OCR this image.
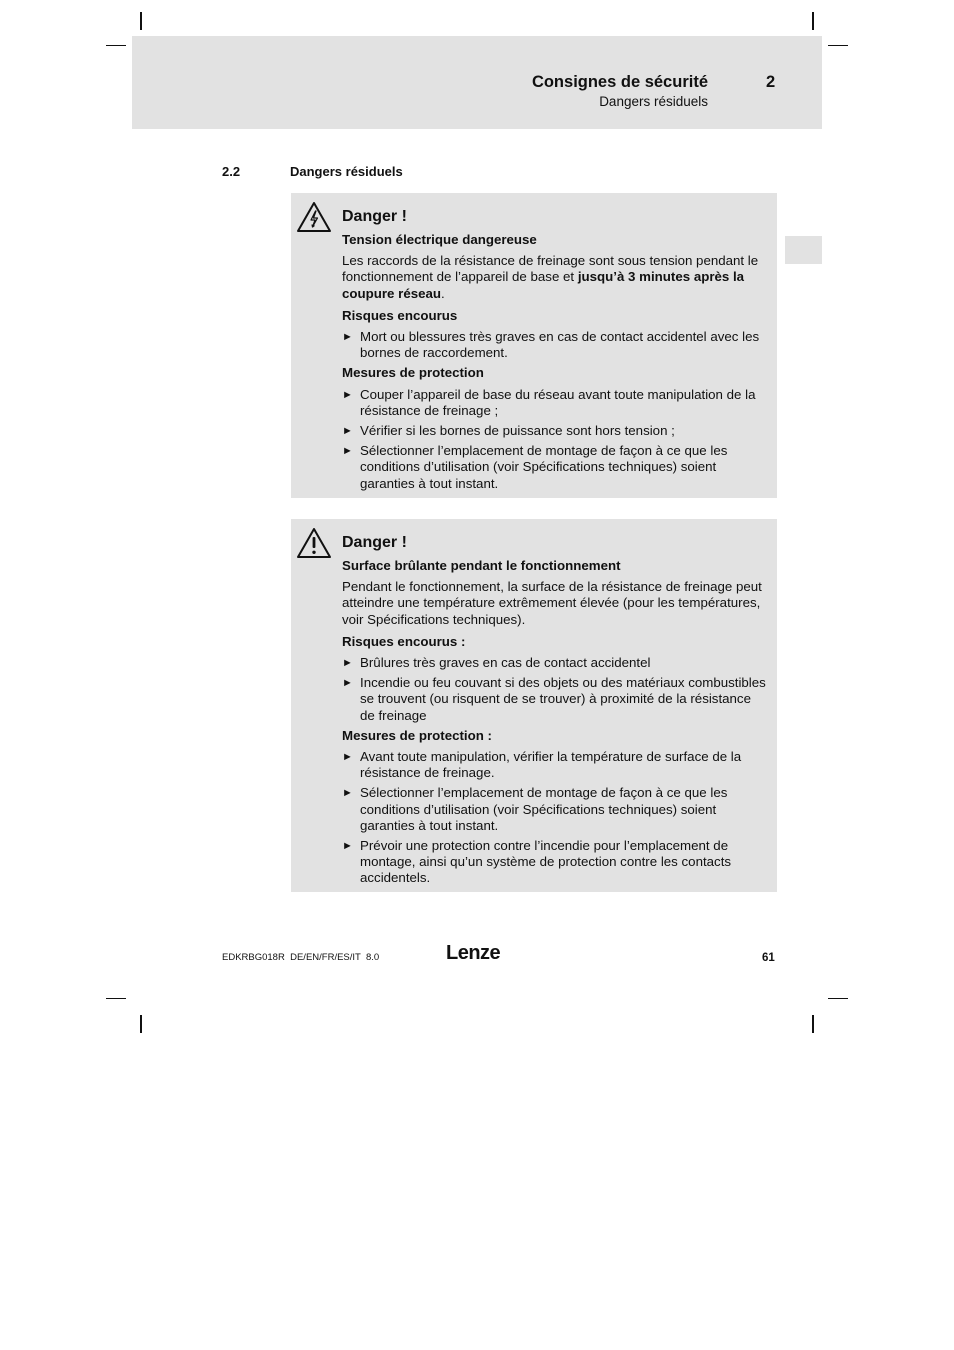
Consignes de sécurité
Dangers résiduels
2
2.2	Dangers résiduels
Danger !
Tension électrique dangereuse
Les raccords de la résistance de freinage sont sous tension pendant le fonctionnement de l’appareil de base et jusqu’à 3 minutes après la coupure réseau.
Risques encourus
► Mort ou blessures très graves en cas de contact accidentel avec les bornes de raccordement.
Mesures de protection
► Couper l’appareil de base du réseau avant toute manipulation de la résistance de freinage ;
► Vérifier si les bornes de puissance sont hors tension ;
► Sélectionner l’emplacement de montage de façon à ce que les conditions d’utilisation (voir Spécifications techniques) soient garanties à tout instant.
Danger !
Surface brûlante pendant le fonctionnement
Pendant le fonctionnement, la surface de la résistance de freinage peut atteindre une température extrêmement élevée (pour les températures, voir Spécifications techniques).
Risques encourus :
► Brûlures très graves en cas de contact accidentel
► Incendie ou feu couvant si des objets ou des matériaux combustibles se trouvent (ou risquent de se trouver) à proximité de la résistance de freinage
Mesures de protection :
► Avant toute manipulation, vérifier la température de surface de la résistance de freinage.
► Sélectionner l’emplacement de montage de façon à ce que les conditions d’utilisation (voir Spécifications techniques) soient garanties à tout instant.
► Prévoir une protection contre l’incendie pour l’emplacement de montage, ainsi qu’un système de protection contre les contacts accidentels.
EDKRBG018R  DE/EN/FR/ES/IT  8.0	Lenze	61
